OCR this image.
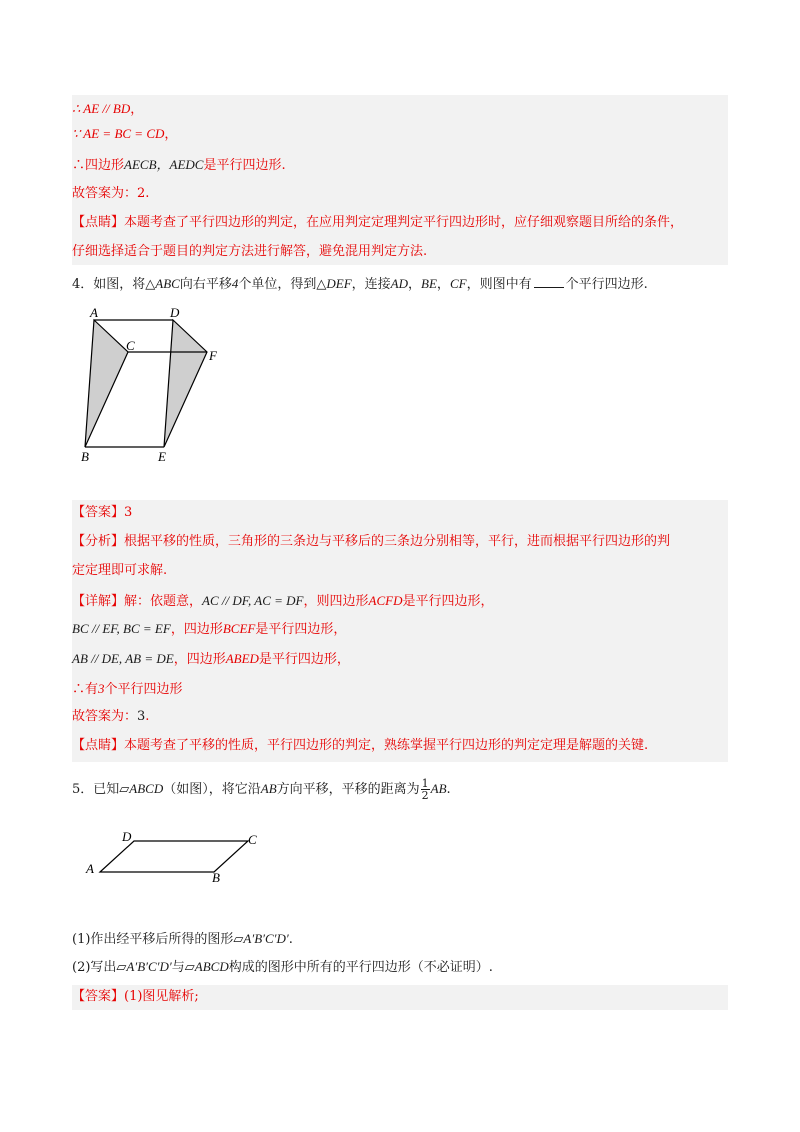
∴ AE // BD，
∵ AE = BC = CD，
∴四边形AECB，AEDC是平行四边形.
故答案为：2.
【点睛】本题考查了平行四边形的判定，在应用判定定理判定平行四边形时，应仔细观察题目所给的条件，
仔细选择适合于题目的判定方法进行解答，避免混用判定方法.
4．如图，将△ABC向右平移4个单位，得到△DEF，连接AD，BE，CF，则图中有	个平行四边形.
A	D
C
F
B	E
【答案】3
【分析】根据平移的性质，三角形的三条边与平移后的三条边分别相等，平行，进而根据平行四边形的判
定定理即可求解.
【详解】解：依题意，AC // DF, AC = DF，则四边形ACFD是平行四边形，
BC // EF, BC = EF，四边形BCEF是平行四边形，
AB // DE, AB = DE，四边形ABED是平行四边形，
∴有3个平行四边形
故答案为：3.
【点睛】本题考查了平移的性质，平行四边形的判定，熟练掌握平行四边形的判定定理是解题的关键.
5．已知▱ABCD（如图），将它沿AB方向平移，平移的距离为 $\frac{1}{2}$ AB.
D	C
A
B
(1)作出经平移后所得的图形▱A′B′C′D′.
(2)写出▱A′B′C′D′与▱ABCD构成的图形中所有的平行四边形（不必证明）.
【答案】(1)图见解析;
